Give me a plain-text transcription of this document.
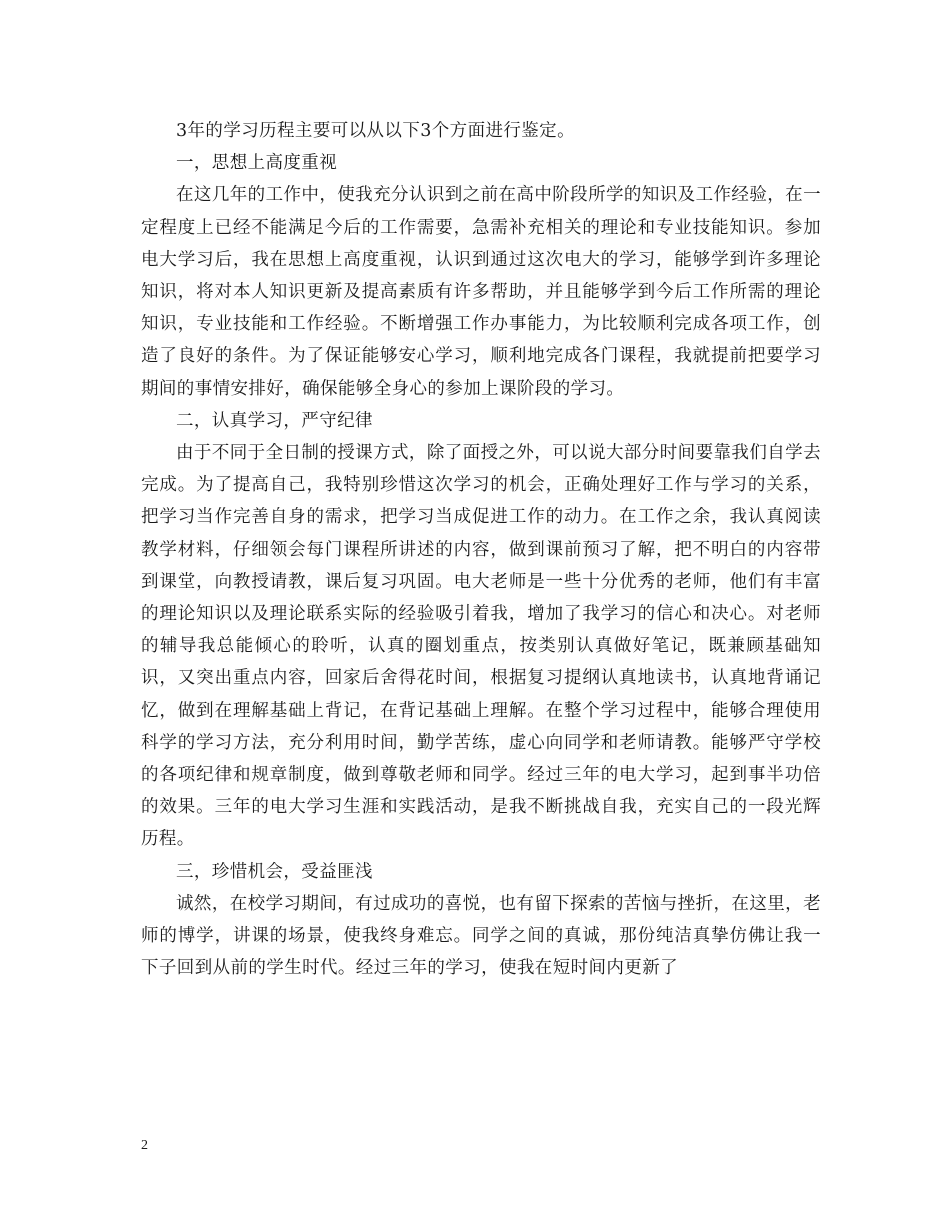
3年的学习历程主要可以从以下3个方面进行鉴定。

一，思想上高度重视

在这几年的工作中，使我充分认识到之前在高中阶段所学的知识及工作经验，在一定程度上已经不能满足今后的工作需要，急需补充相关的理论和专业技能知识。参加电大学习后，我在思想上高度重视，认识到通过这次电大的学习，能够学到许多理论知识，将对本人知识更新及提高素质有许多帮助，并且能够学到今后工作所需的理论知识，专业技能和工作经验。不断增强工作办事能力，为比较顺利完成各项工作，创造了良好的条件。为了保证能够安心学习，顺利地完成各门课程，我就提前把要学习期间的事情安排好，确保能够全身心的参加上课阶段的学习。

二，认真学习，严守纪律

由于不同于全日制的授课方式，除了面授之外，可以说大部分时间要靠我们自学去完成。为了提高自己，我特别珍惜这次学习的机会，正确处理好工作与学习的关系，把学习当作完善自身的需求，把学习当成促进工作的动力。在工作之余，我认真阅读教学材料，仔细领会每门课程所讲述的内容，做到课前预习了解，把不明白的内容带到课堂，向教授请教，课后复习巩固。电大老师是一些十分优秀的老师，他们有丰富的理论知识以及理论联系实际的经验吸引着我，增加了我学习的信心和决心。对老师的辅导我总能倾心的聆听，认真的圈划重点，按类别认真做好笔记，既兼顾基础知识，又突出重点内容，回家后舍得花时间，根据复习提纲认真地读书，认真地背诵记忆，做到在理解基础上背记，在背记基础上理解。在整个学习过程中，能够合理使用科学的学习方法，充分利用时间，勤学苦练，虚心向同学和老师请教。能够严守学校的各项纪律和规章制度，做到尊敬老师和同学。经过三年的电大学习，起到事半功倍的效果。三年的电大学习生涯和实践活动，是我不断挑战自我，充实自己的一段光辉历程。

三，珍惜机会，受益匪浅

诚然，在校学习期间，有过成功的喜悦，也有留下探索的苦恼与挫折，在这里，老师的博学，讲课的场景，使我终身难忘。同学之间的真诚，那份纯洁真挚仿佛让我一下子回到从前的学生时代。经过三年的学习，使我在短时间内更新了

2
